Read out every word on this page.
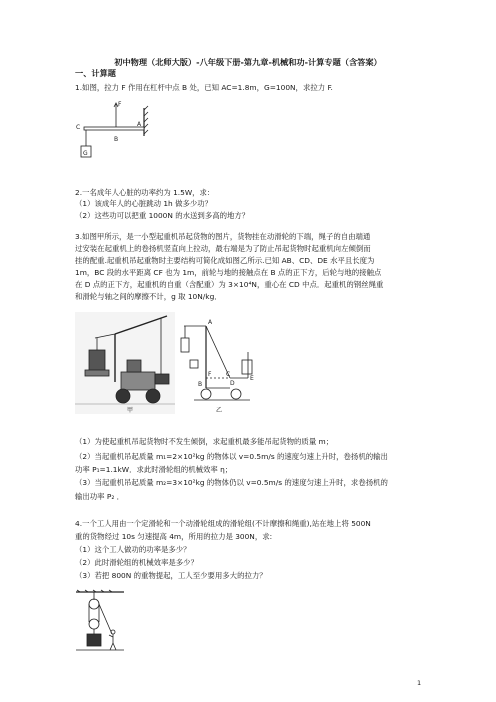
初中物理（北师大版）-八年级下册-第九章-机械和功-计算专题（含答案）
一、计算题
1.如图，拉力 F 作用在杠杆中点 B 处，已知 AC=1.8m，G=100N，求拉力 F.
F
C	A
B
G
2.一名成年人心脏的功率约为 1.5W，求：
（1）该成年人的心脏跳动 1h 做多少功？
（2）这些功可以把重 1000N 的水送到多高的地方？
3.如图甲所示，是一小型起重机吊起货物的图片，货物挂在动滑轮的下端，绳子的自由端通
过安装在起重机上的卷扬机竖直向上拉动，最右端是为了防止吊起货物时起重机向左倾倒而
挂的配重.起重机吊起重物时主要结构可简化成如图乙所示.已知 AB、CD、DE 水平且长度为
1m，BC 段的水平距离 CF 也为 1m，前轮与地的接触点在 B 点的正下方，后轮与地的接触点
在 D 点的正下方，起重机的自重（含配重）为 3×10⁴N，重心在 CD 中点．起重机的钢丝绳重
和滑轮与轴之间的摩擦不计，g 取 10N/kg．
甲
A
B
C
D
E
F
乙
（1）为使起重机吊起货物时不发生倾倒，求起重机最多能吊起货物的质量 m；
（2）当起重机吊起质量 m₁=2×10²kg 的物体以 v=0.5m/s 的速度匀速上升时，卷扬机的输出
功率 P₁=1.1kW．求此时滑轮组的机械效率 η；
（3）当起重机吊起质量 m₂=3×10²kg 的物体仍以 v=0.5m/s 的速度匀速上升时，求卷扬机的
输出功率 P₂ ．
4.一个工人用由一个定滑轮和一个动滑轮组成的滑轮组(不计摩擦和绳重),站在地上将 500N
重的货物经过 10s 匀速提高 4m，所用的拉力是 300N，求:
（1）这个工人做功的功率是多少？
（2）此时滑轮组的机械效率是多少？
（3）若把 800N 的重物提起，工人至少要用多大的拉力？
1
